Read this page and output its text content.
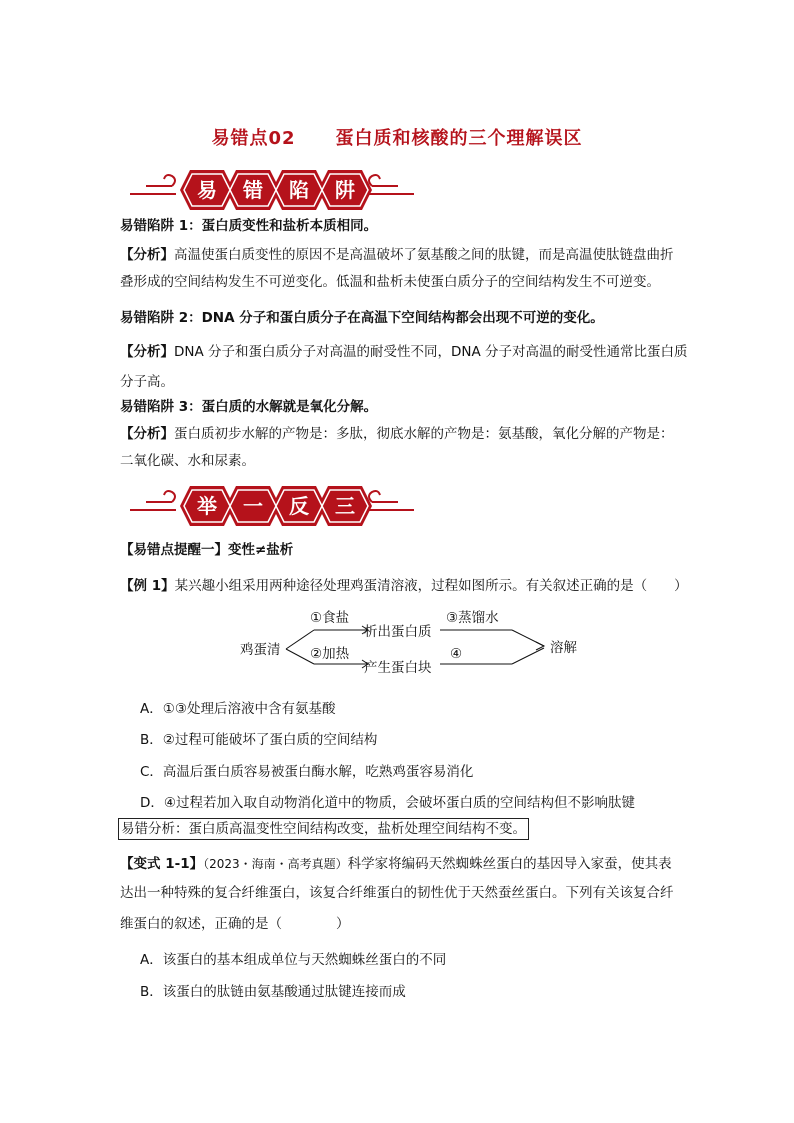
易错点02 蛋白质和核酸的三个理解误区
易 错 陷 阱
易错陷阱 1：蛋白质变性和盐析本质相同。
【分析】高温使蛋白质变性的原因不是高温破坏了氨基酸之间的肽键，而是高温使肽链盘曲折
叠形成的空间结构发生不可逆变化。低温和盐析未使蛋白质分子的空间结构发生不可逆变。
易错陷阱 2：DNA 分子和蛋白质分子在高温下空间结构都会出现不可逆的变化。
【分析】DNA 分子和蛋白质分子对高温的耐受性不同，DNA 分子对高温的耐受性通常比蛋白质
分子高。
易错陷阱 3：蛋白质的水解就是氧化分解。
【分析】蛋白质初步水解的产物是：多肽，彻底水解的产物是：氨基酸，氧化分解的产物是：
二氧化碳、水和尿素。
举 一 反 三
【易错点提醒一】变性≠盐析
【例 1】某兴趣小组采用两种途径处理鸡蛋清溶液，过程如图所示。有关叙述正确的是（　　）
鸡蛋清
①食盐
析出蛋白质
③蒸馏水
②加热
产生蛋白块
④	溶解
A．①③处理后溶液中含有氨基酸
B．②过程可能破坏了蛋白质的空间结构
C．高温后蛋白质容易被蛋白酶水解，吃熟鸡蛋容易消化
D．④过程若加入取自动物消化道中的物质，会破坏蛋白质的空间结构但不影响肽键
易错分析：蛋白质高温变性空间结构改变，盐析处理空间结构不变。
【变式 1-1】（2023・海南・高考真题）科学家将编码天然蜘蛛丝蛋白的基因导入家蚕，使其表
达出一种特殊的复合纤维蛋白，该复合纤维蛋白的韧性优于天然蚕丝蛋白。下列有关该复合纤
维蛋白的叙述，正确的是（　　　　）
A．该蛋白的基本组成单位与天然蜘蛛丝蛋白的不同
B．该蛋白的肽链由氨基酸通过肽键连接而成
